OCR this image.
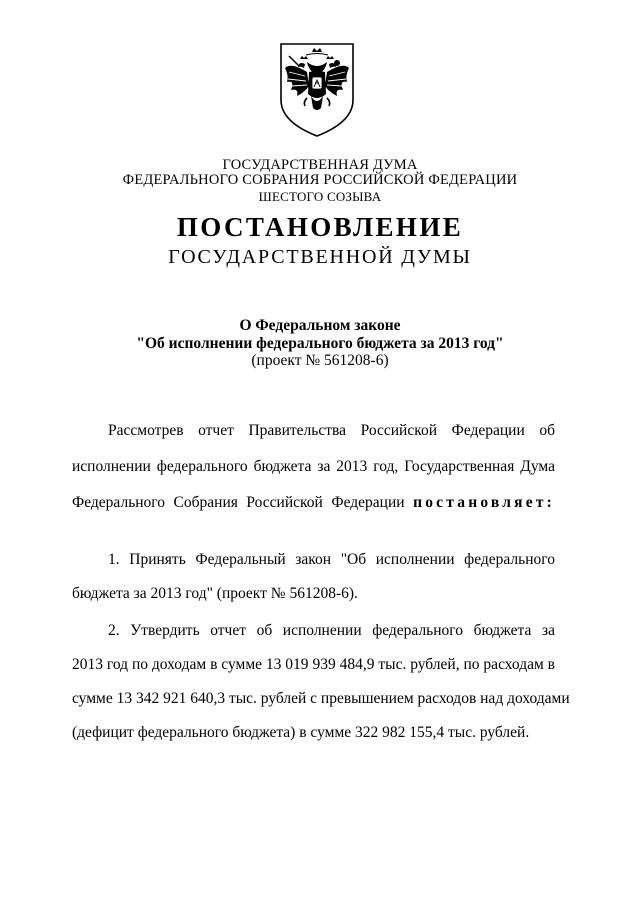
ГОСУДАРСТВЕННАЯ ДУМА
ФЕДЕРАЛЬНОГО СОБРАНИЯ РОССИЙСКОЙ ФЕДЕРАЦИИ
ШЕСТОГО СОЗЫВА
ПОСТАНОВЛЕНИЕ
ГОСУДАРСТВЕННОЙ ДУМЫ
О Федеральном законе
"Об исполнении федерального бюджета за 2013 год"
(проект № 561208-6)
Рассмотрев отчет Правительства Российской Федерации об
исполнении федерального бюджета за 2013 год, Государственная Дума
Федерального Собрания Российской Федерации постановляет:
1. Принять Федеральный закон "Об исполнении федерального
бюджета за 2013 год" (проект № 561208-6).
2. Утвердить отчет об исполнении федерального бюджета за
2013 год по доходам в сумме 13 019 939 484,9 тыс. рублей, по расходам в
сумме 13 342 921 640,3 тыс. рублей с превышением расходов над доходами
(дефицит федерального бюджета) в сумме 322 982 155,4 тыс. рублей.
